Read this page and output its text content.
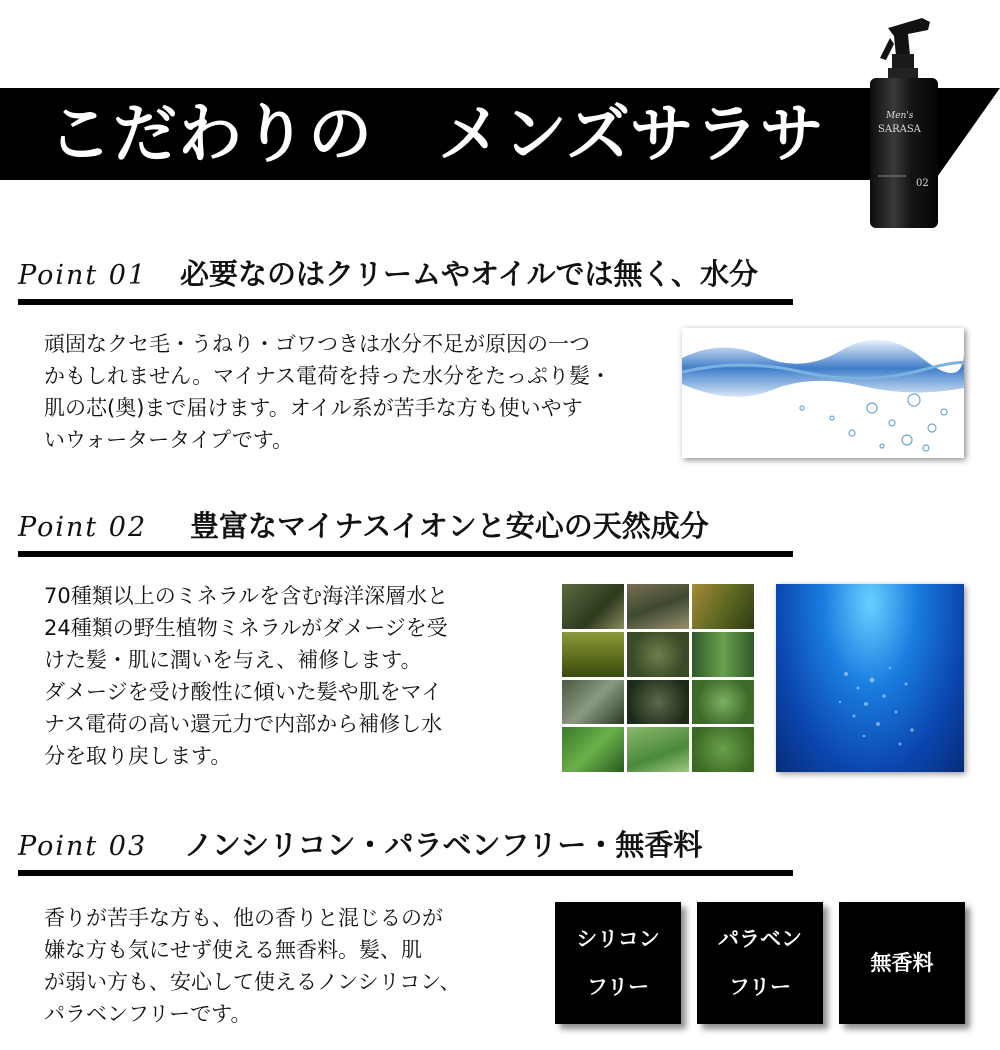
こだわりの　メンズサラサ	Men's
SARASA
02
Point 01 必要なのはクリームやオイルでは無く、水分
頑固なクセ毛・うねり・ゴワつきは水分不足が原因の一つ
かもしれません。マイナス電荷を持った水分をたっぷり髪・
肌の芯(奥)まで届けます。オイル系が苦手な方も使いやす
いウォータータイプです。
Point 02 豊富なマイナスイオンと安心の天然成分
70種類以上のミネラルを含む海洋深層水と
24種類の野生植物ミネラルがダメージを受
けた髪・肌に潤いを与え、補修します。
ダメージを受け酸性に傾いた髪や肌をマイ
ナス電荷の高い還元力で内部から補修し水
分を取り戻します。
Point 03 ノンシリコン・パラベンフリー・無香料
香りが苦手な方も、他の香りと混じるのが
嫌な方も気にせず使える無香料。髪、肌
が弱い方も、安心して使えるノンシリコン、
パラベンフリーです。
シリコン
フリー
パラベン
フリー
無香料
